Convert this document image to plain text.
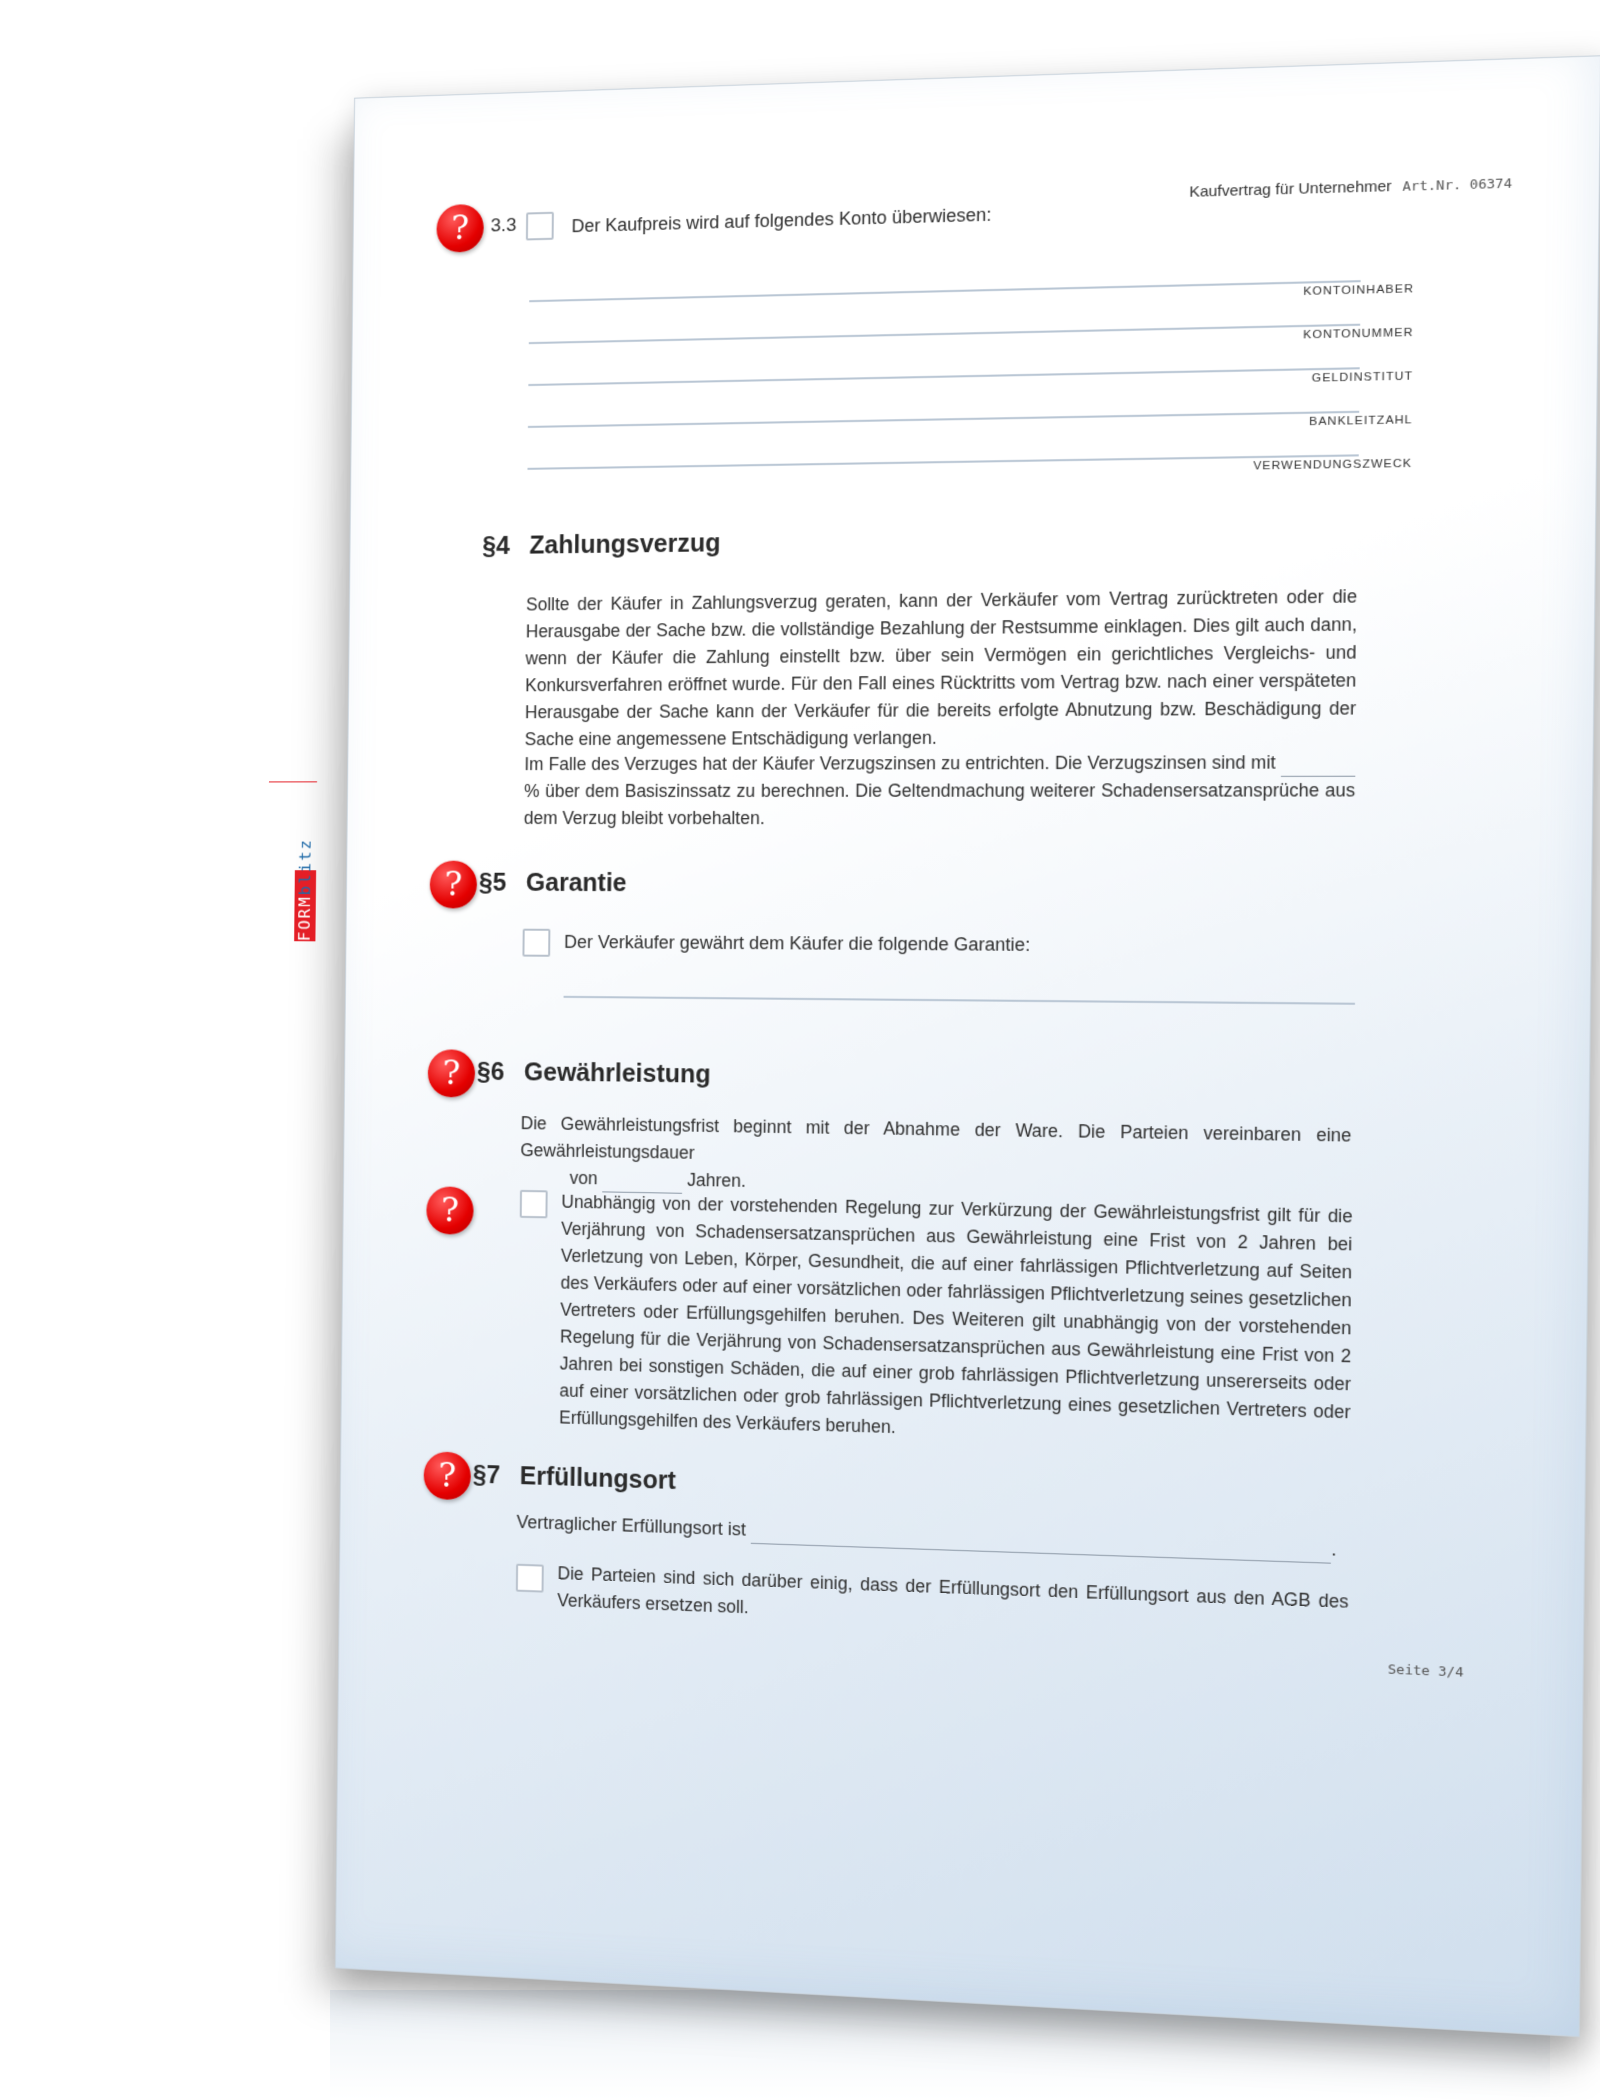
Kaufvertrag für Unternehmer Art.Nr. 06374
FORMblitz
?	3.3	Der Kaufpreis wird auf folgendes Konto überwiesen:
KONTOINHABER
KONTONUMMER
GELDINSTITUT
BANKLEITZAHL
VERWENDUNGSZWECK
§4 Zahlungsverzug
Sollte der Käufer in Zahlungsverzug geraten, kann der Verkäufer vom Vertrag zurücktreten oder die Herausgabe der Sache bzw. die vollständige Bezahlung der Restsumme einklagen. Dies gilt auch dann, wenn der Käufer die Zahlung einstellt bzw. über sein Vermögen ein gerichtliches Vergleichs- und Konkursverfahren eröffnet wurde. Für den Fall eines Rücktritts vom Vertrag bzw. nach einer verspäteten Herausgabe der Sache kann der Verkäufer für die bereits erfolgte Abnutzung bzw. Beschädigung der Sache eine angemessene Entschädigung verlangen.
Im Falle des Verzuges hat der Käufer Verzugszinsen zu entrichten. Die Verzugszinsen sind mit  % über dem Basiszinssatz zu berechnen. Die Geltendmachung weiterer Schadensersatzansprüche aus dem Verzug bleibt vorbehalten.
? §5 Garantie
Der Verkäufer gewährt dem Käufer die folgende Garantie:
? §6 Gewährleistung
Die Gewährleistungsfrist beginnt mit der Abnahme der Ware. Die Parteien vereinbaren eine Gewährleistungsdauer
von	Jahren.
?	Unabhängig von der vorstehenden Regelung zur Verkürzung der Gewährleistungsfrist gilt für die Verjährung von Schadensersatzansprüchen aus Gewährleistung eine Frist von 2 Jahren bei Verletzung von Leben, Körper, Gesundheit, die auf einer fahrlässigen Pflichtverletzung auf Seiten des Verkäufers oder auf einer vorsätzlichen oder fahrlässigen Pflichtverletzung seines gesetzlichen Vertreters oder Erfüllungsgehilfen beruhen. Des Weiteren gilt unabhängig von der vorstehenden Regelung für die Verjährung von Schadensersatzansprüchen aus Gewährleistung eine Frist von 2 Jahren bei sonstigen Schäden, die auf einer grob fahrlässigen Pflichtverletzung unsererseits oder auf einer vorsätzlichen oder grob fahrlässigen Pflichtverletzung eines gesetzlichen Vertreters oder Erfüllungsgehilfen des Verkäufers beruhen.
? §7 Erfüllungsort
Vertraglicher Erfüllungsort ist .
Die Parteien sind sich darüber einig, dass der Erfüllungsort den Erfüllungsort aus den AGB des Verkäufers ersetzen soll.
Seite 3/4
